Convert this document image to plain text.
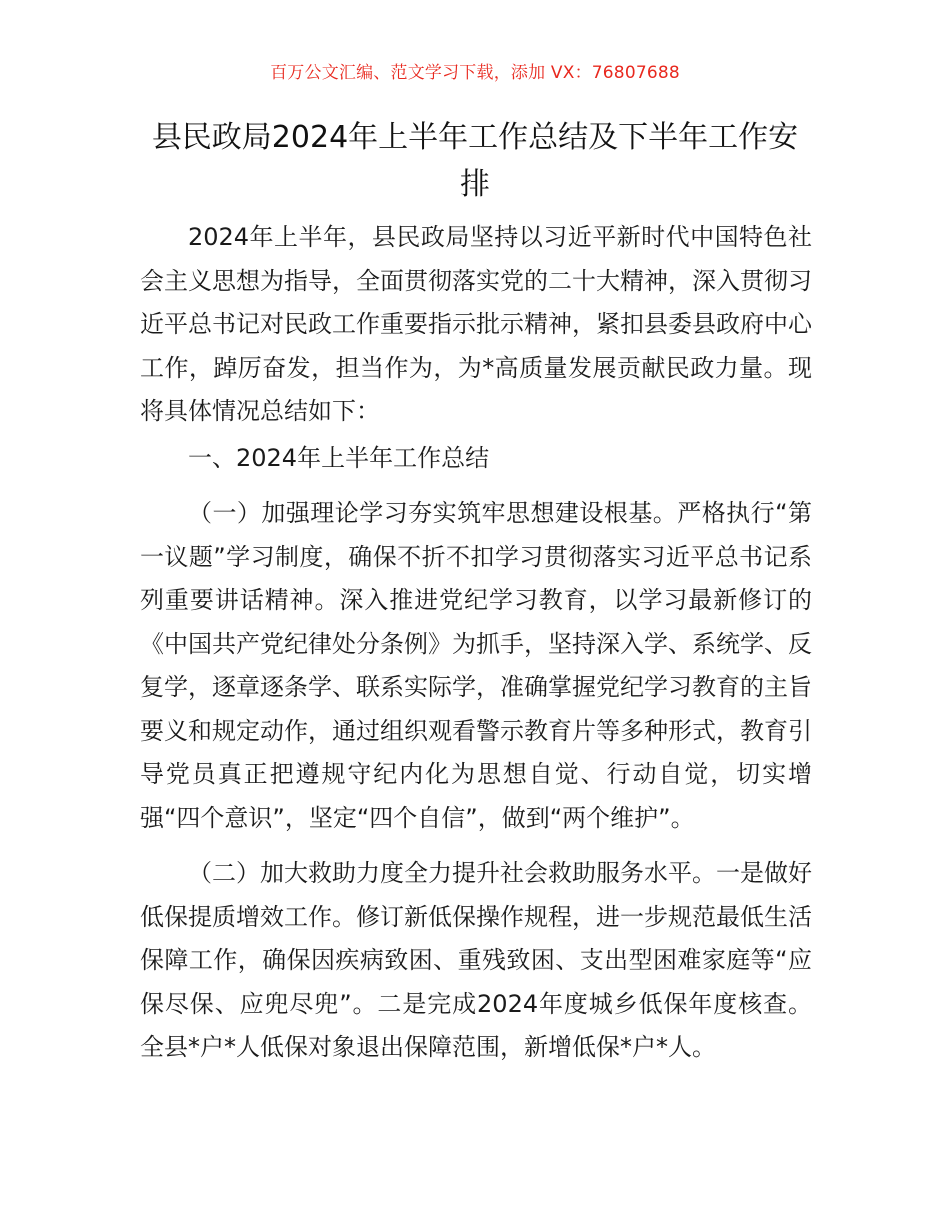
百万公文汇编、范文学习下载，添加 VX：76807688
县民政局2024年上半年工作总结及下半年工作安排

2024年上半年，县民政局坚持以习近平新时代中国特色社会主义思想为指导，全面贯彻落实党的二十大精神，深入贯彻习近平总书记对民政工作重要指示批示精神，紧扣县委县政府中心工作，踔厉奋发，担当作为，为*高质量发展贡献民政力量。现将具体情况总结如下：

一、2024年上半年工作总结

（一）加强理论学习夯实筑牢思想建设根基。严格执行“第一议题”学习制度，确保不折不扣学习贯彻落实习近平总书记系列重要讲话精神。深入推进党纪学习教育，以学习最新修订的《中国共产党纪律处分条例》为抓手，坚持深入学、系统学、反复学，逐章逐条学、联系实际学，准确掌握党纪学习教育的主旨要义和规定动作，通过组织观看警示教育片等多种形式，教育引导党员真正把遵规守纪内化为思想自觉、行动自觉，切实增强“四个意识”，坚定“四个自信”，做到“两个维护”。

（二）加大救助力度全力提升社会救助服务水平。一是做好低保提质增效工作。修订新低保操作规程，进一步规范最低生活保障工作，确保因疾病致困、重残致困、支出型困难家庭等“应保尽保、应兜尽兜”。二是完成2024年度城乡低保年度核查。全县*户*人低保对象退出保障范围，新增低保*户*人。
